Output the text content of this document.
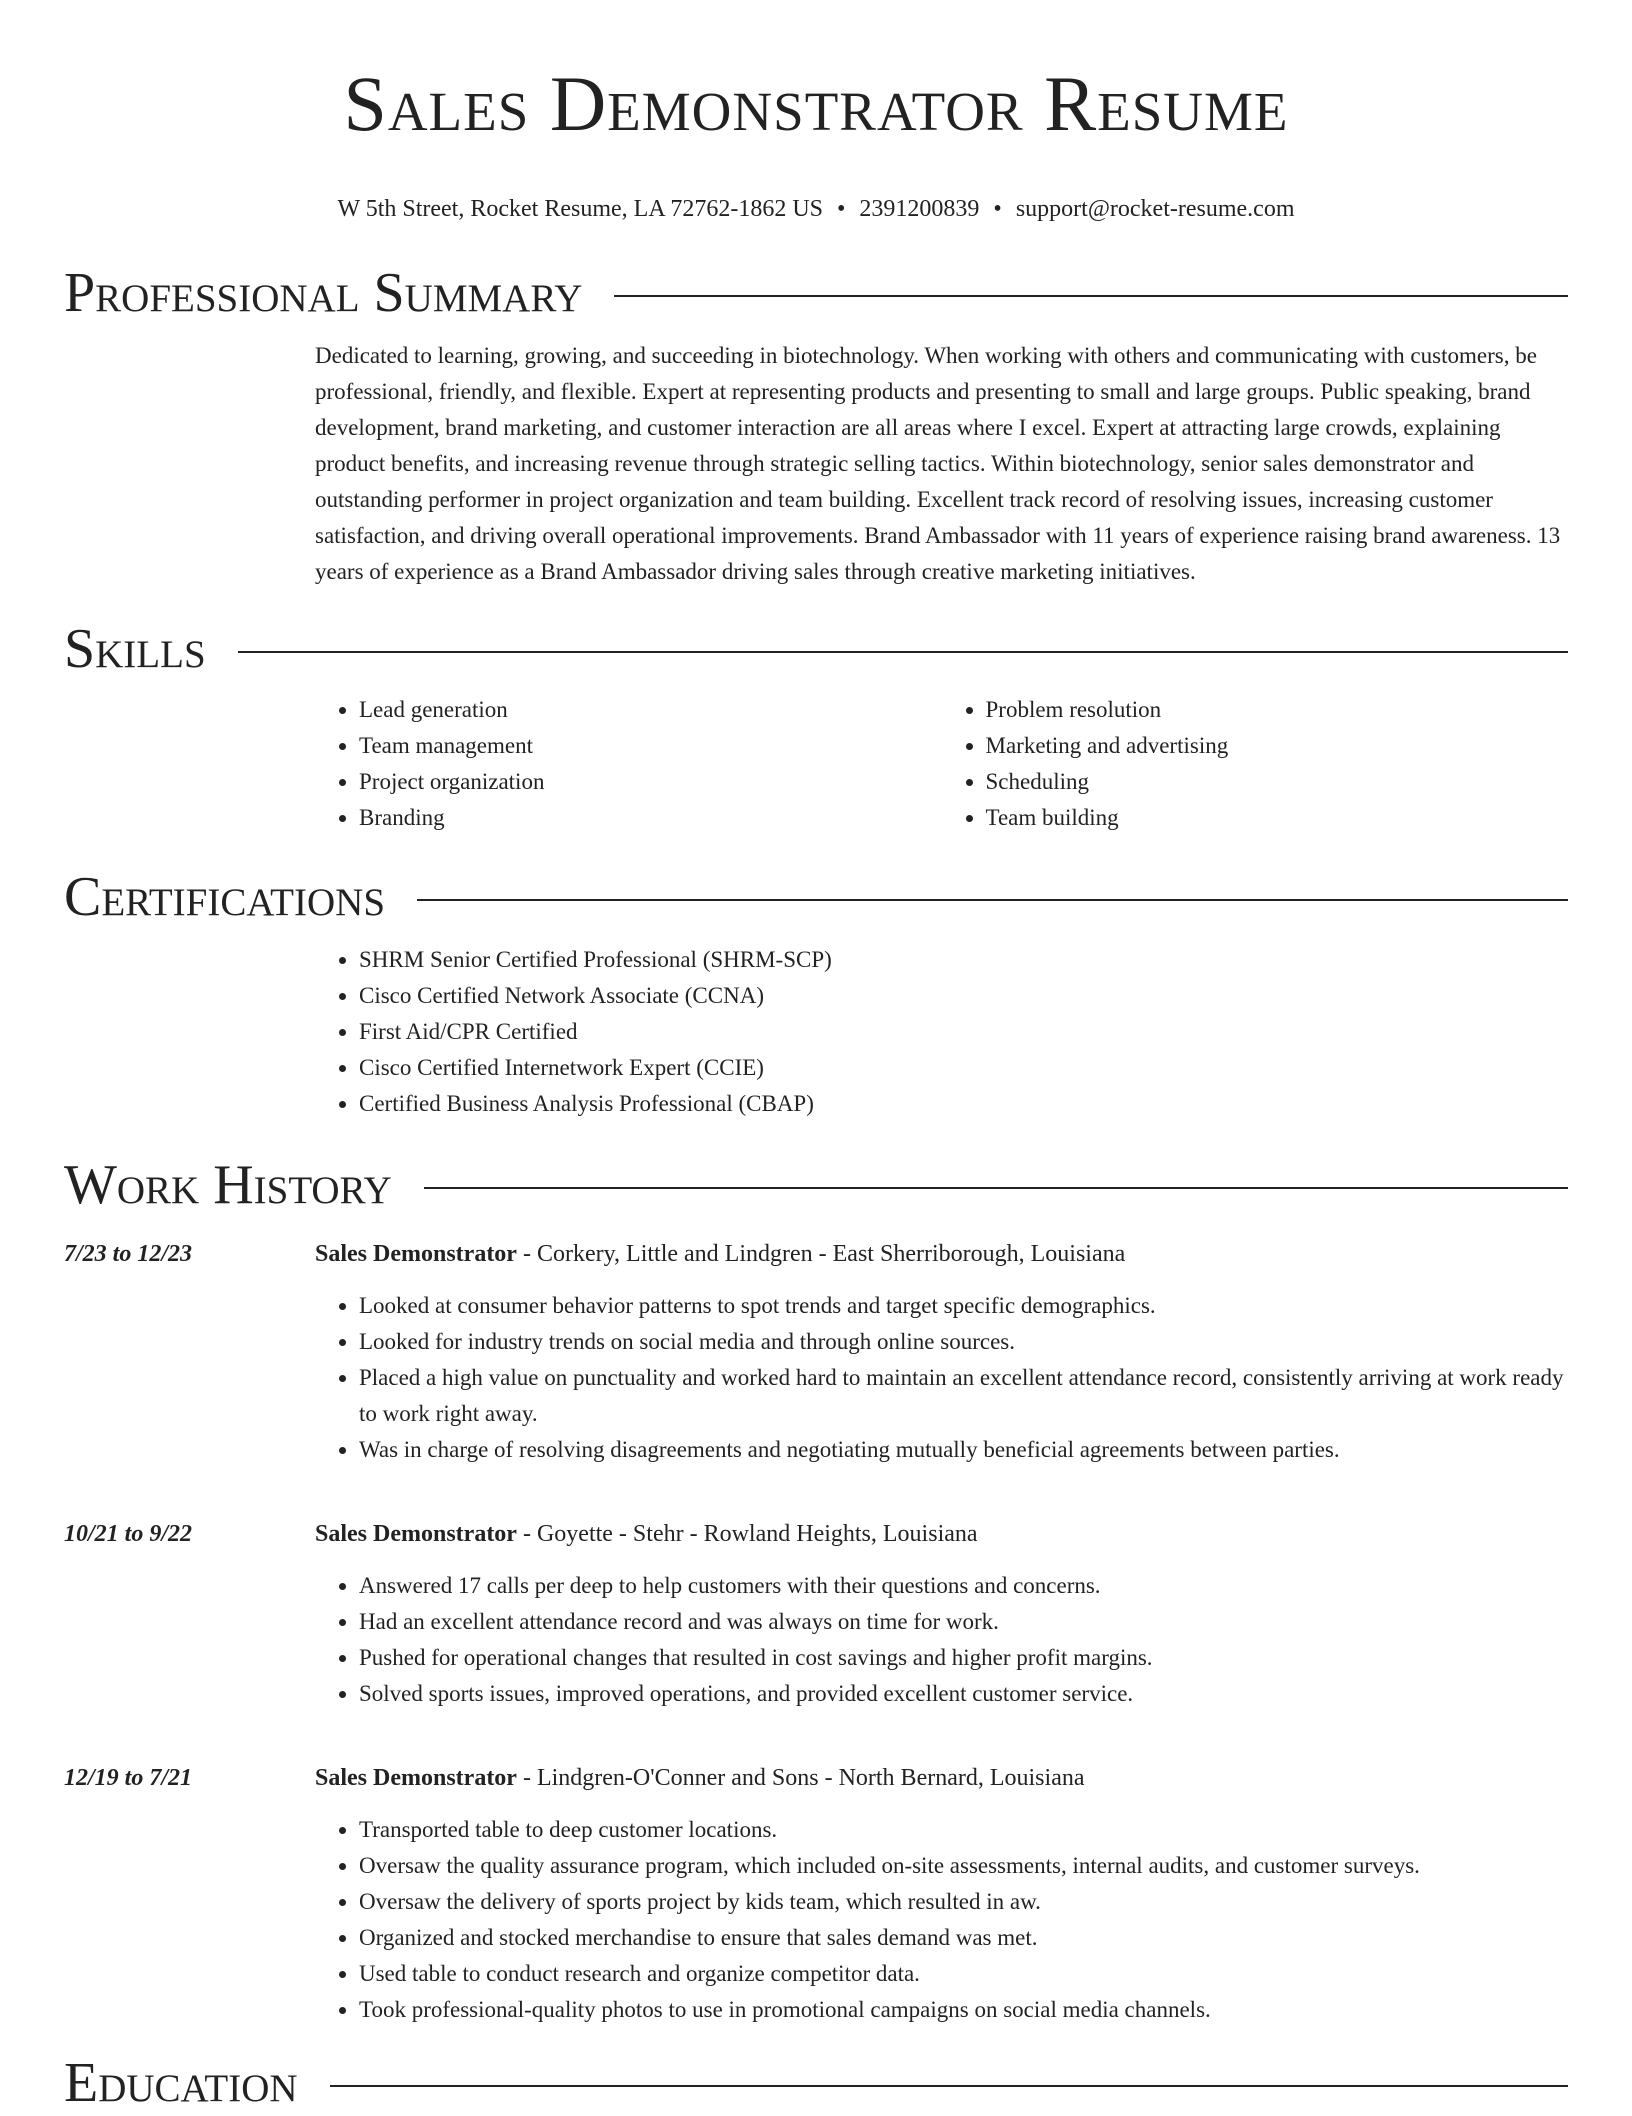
Sales Demonstrator Resume
W 5th Street, Rocket Resume, LA 72762-1862 US • 2391200839 • support@rocket-resume.com
Professional Summary

Dedicated to learning, growing, and succeeding in biotechnology. When working with others and communicating with customers, be professional, friendly, and flexible. Expert at representing products and presenting to small and large groups. Public speaking, brand development, brand marketing, and customer interaction are all areas where I excel. Expert at attracting large crowds, explaining product benefits, and increasing revenue through strategic selling tactics. Within biotechnology, senior sales demonstrator and outstanding performer in project organization and team building. Excellent track record of resolving issues, increasing customer satisfaction, and driving overall operational improvements. Brand Ambassador with 11 years of experience raising brand awareness. 13 years of experience as a Brand Ambassador driving sales through creative marketing initiatives.

Skills
• Lead generation
• Team management
• Project organization
• Branding
• Problem resolution
• Marketing and advertising
• Scheduling
• Team building
Certifications
• SHRM Senior Certified Professional (SHRM-SCP)
• Cisco Certified Network Associate (CCNA)
• First Aid/CPR Certified
• Cisco Certified Internetwork Expert (CCIE)
• Certified Business Analysis Professional (CBAP)
Work History
7/23 to 12/23	Sales Demonstrator - Corkery, Little and Lindgren - East Sherriborough, Louisiana
• Looked at consumer behavior patterns to spot trends and target specific demographics.
• Looked for industry trends on social media and through online sources.
• Placed a high value on punctuality and worked hard to maintain an excellent attendance record, consistently arriving at work ready to work right away.
• Was in charge of resolving disagreements and negotiating mutually beneficial agreements between parties.
10/21 to 9/22	Sales Demonstrator - Goyette - Stehr - Rowland Heights, Louisiana
• Answered 17 calls per deep to help customers with their questions and concerns.
• Had an excellent attendance record and was always on time for work.
• Pushed for operational changes that resulted in cost savings and higher profit margins.
• Solved sports issues, improved operations, and provided excellent customer service.
12/19 to 7/21	Sales Demonstrator - Lindgren-O'Conner and Sons - North Bernard, Louisiana
• Transported table to deep customer locations.
• Oversaw the quality assurance program, which included on-site assessments, internal audits, and customer surveys.
• Oversaw the delivery of sports project by kids team, which resulted in aw.
• Organized and stocked merchandise to ensure that sales demand was met.
• Used table to conduct research and organize competitor data.
• Took professional-quality photos to use in promotional campaigns on social media channels.
Education
